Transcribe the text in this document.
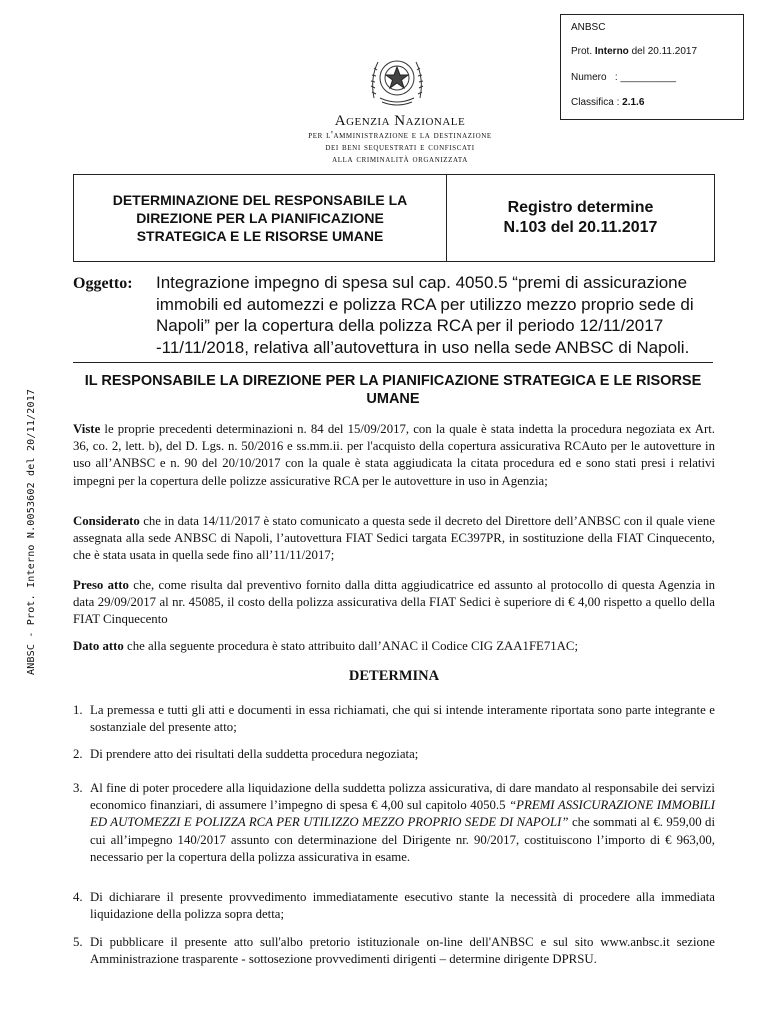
ANBSC
Prot. Interno del 20.11.2017
Numero : __________
Classifica : 2.1.6
Agenzia Nazionale
per l'amministrazione e la destinazione
dei beni sequestrati e confiscati
alla criminalità organizzata
DETERMINAZIONE DEL RESPONSABILE LA DIREZIONE PER LA PIANIFICAZIONE STRATEGICA E LE RISORSE UMANE
Registro determine
N.103 del 20.11.2017
Oggetto: Integrazione impegno di spesa sul cap. 4050.5 “premi di assicurazione immobili ed automezzi e polizza RCA per utilizzo mezzo proprio sede di Napoli” per la copertura della polizza RCA per il periodo 12/11/2017 -11/11/2018, relativa all’autovettura in uso nella sede ANBSC di Napoli.
IL RESPONSABILE LA DIREZIONE PER LA PIANIFICAZIONE STRATEGICA E LE RISORSE UMANE
ANBSC - Prot. Interno N.0053602 del 20/11/2017	Viste le proprie precedenti determinazioni n. 84 del 15/09/2017, con la quale è stata indetta la procedura negoziata ex Art. 36, co. 2, lett. b), del D. Lgs. n. 50/2016 e ss.mm.ii. per l'acquisto della copertura assicurativa RCAuto per le autovetture in uso all’ANBSC e n. 90 del 20/10/2017 con la quale è stata aggiudicata la citata procedura ed e sono stati presi i relativi impegni per la copertura delle polizze assicurative RCA per le autovetture in uso in Agenzia;
Considerato che in data 14/11/2017 è stato comunicato a questa sede il decreto del Direttore dell’ANBSC con il quale viene assegnata alla sede ANBSC di Napoli, l’autovettura FIAT Sedici targata EC397PR, in sostituzione della FIAT Cinquecento, che è stata usata in quella sede fino all’11/11/2017;
Preso atto che, come risulta dal preventivo fornito dalla ditta aggiudicatrice ed assunto al protocollo di questa Agenzia in data 29/09/2017 al nr. 45085, il costo della polizza assicurativa della FIAT Sedici è superiore di € 4,00 rispetto a quello della FIAT Cinquecento
Dato atto che alla seguente procedura è stato attribuito dall’ANAC il Codice CIG ZAA1FE71AC;
DETERMINA
1. La premessa e tutti gli atti e documenti in essa richiamati, che qui si intende interamente riportata sono parte integrante e sostanziale del presente atto;
2. Di prendere atto dei risultati della suddetta procedura negoziata;
3. Al fine di poter procedere alla liquidazione della suddetta polizza assicurativa, di dare mandato al responsabile dei servizi economico finanziari, di assumere l’impegno di spesa € 4,00 sul capitolo 4050.5 “PREMI ASSICURAZIONE IMMOBILI ED AUTOMEZZI E POLIZZA RCA PER UTILIZZO MEZZO PROPRIO SEDE DI NAPOLI” che sommati al €. 959,00 di cui all’impegno 140/2017 assunto con determinazione del Dirigente nr. 90/2017, costituiscono l’importo di € 963,00, necessario per la copertura della polizza assicurativa in esame.
4. Di dichiarare il presente provvedimento immediatamente esecutivo stante la necessità di procedere alla immediata liquidazione della polizza sopra detta;
5. Di pubblicare il presente atto sull'albo pretorio istituzionale on-line dell'ANBSC e sul sito www.anbsc.it sezione Amministrazione trasparente - sottosezione provvedimenti dirigenti – determine dirigente DPRSU.
